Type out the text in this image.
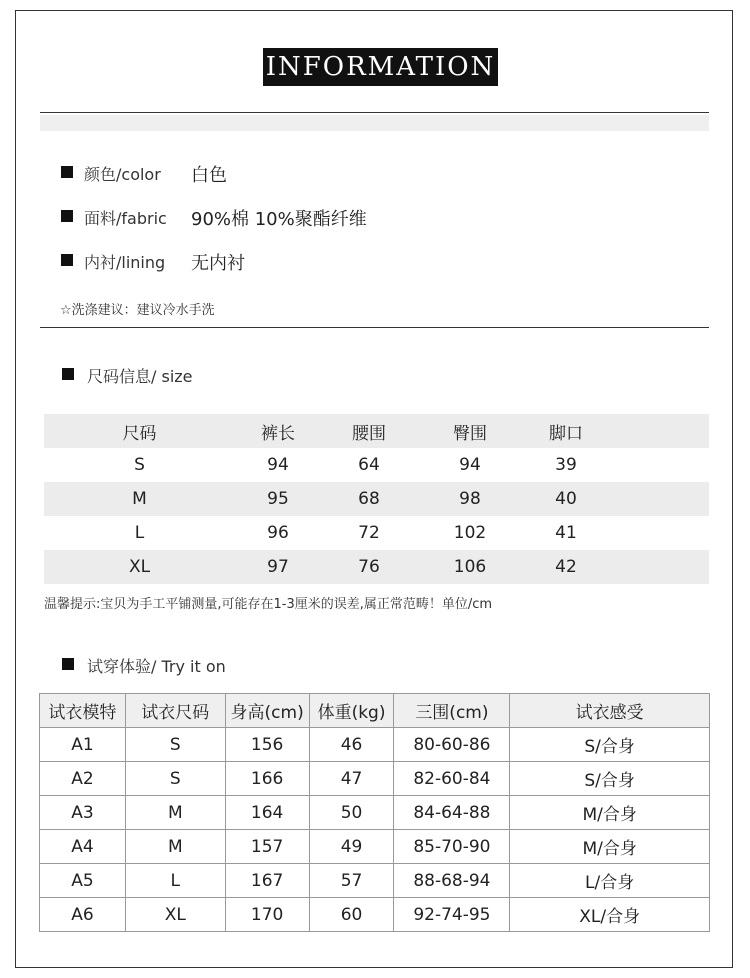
INFORMATION
颜色/color 白色
面料/fabric 90%棉 10%聚酯纤维
内衬/lining 无内衬
☆洗涤建议：建议冷水手洗
尺码信息/ size
尺码	裤长	腰围	臀围	脚口	
S	94	64	94	39	
M	95	68	98	40	
L	96	72	102	41	
XL	97	76	106	42	
温馨提示:宝贝为手工平铺测量,可能存在1-3厘米的误差,属正常范畴！单位/cm
试穿体验/ Try it on
试衣模特	试衣尺码	身高(cm)	体重(kg)	三围(cm)	试衣感受
A1	S	156	46	80-60-86	S/合身
A2	S	166	47	82-60-84	S/合身
A3	M	164	50	84-64-88	M/合身
A4	M	157	49	85-70-90	M/合身
A5	L	167	57	88-68-94	L/合身
A6	XL	170	60	92-74-95	XL/合身
